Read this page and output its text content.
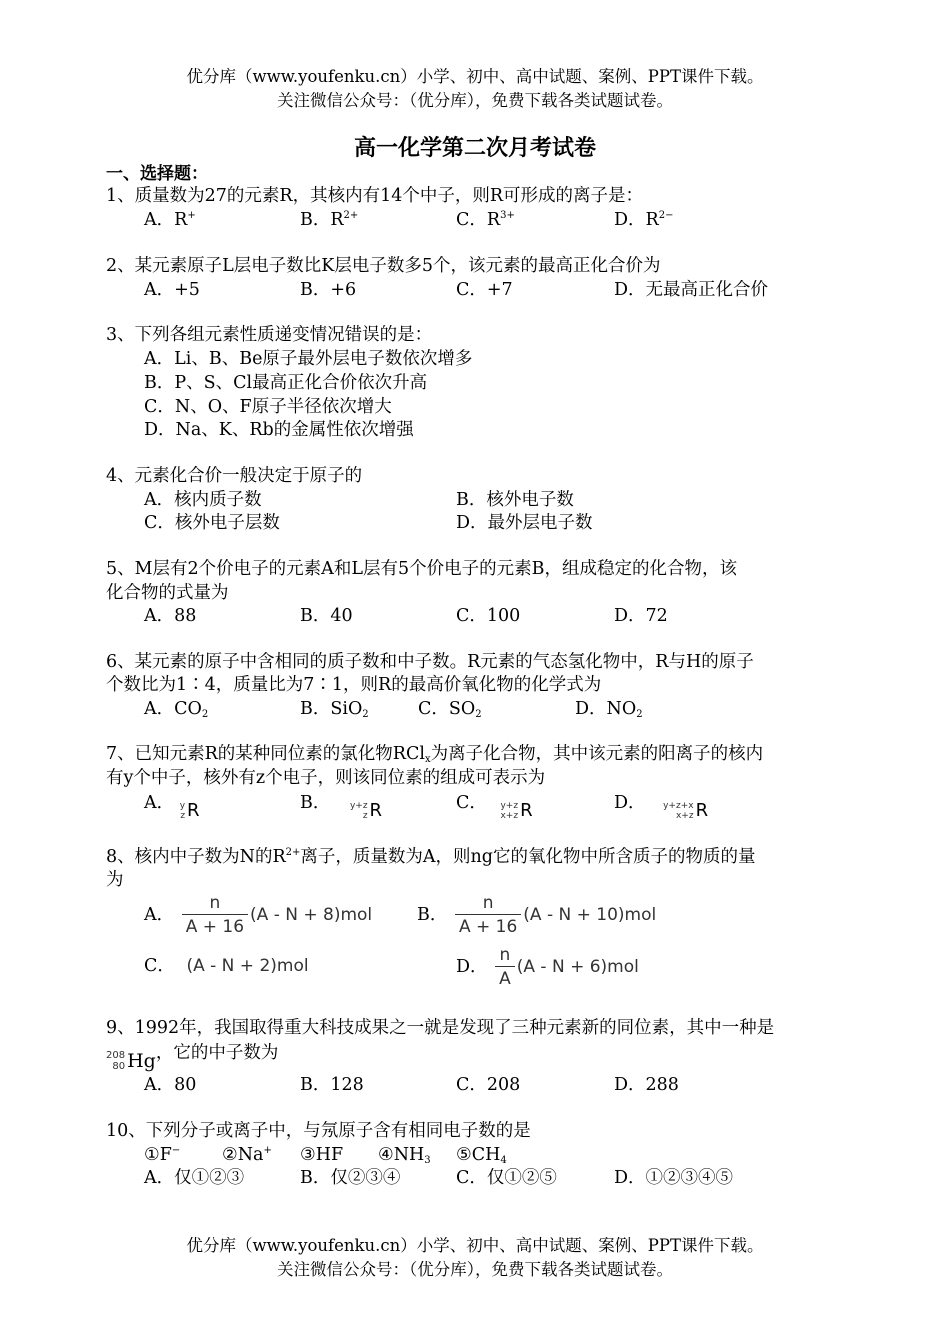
优分库（www.youfenku.cn）小学、初中、高中试题、案例、PPT课件下载。
关注微信公众号：（优分库），免费下载各类试题试卷。
高一化学第二次月考试卷
一、选择题：
1、质量数为27的元素R，其核内有14个中子，则R可形成的离子是：
A．R+	B．$R^{2+}$	C．$R^{3+}$	D．$R^{2-}$
2、某元素原子L层电子数比K层电子数多5个，该元素的最高正化合价为
A．+5	B．+6	C．+7	D．无最高正化合价
3、下列各组元素性质递变情况错误的是：
A．Li、B、Be原子最外层电子数依次增多
B．P、S、Cl最高正化合价依次升高
C．N、O、F原子半径依次增大
D．Na、K、Rb的金属性依次增强
4、元素化合价一般决定于原子的
A．核内质子数	B．核外电子数
C．核外电子层数	D．最外层电子数
5、M层有2个价电子的元素A和L层有5个价电子的元素B，组成稳定的化合物，该
化合物的式量为
A．88	B．40	C．100	D．72
6、某元素的原子中含相同的质子数和中子数。R元素的气态氢化物中，R与H的原子
个数比为1∶4，质量比为7∶1，则R的最高价氧化物的化学式为
A．$CO_2$	B．SiO$_2$	C．$SO_2$	D．$NO_2$
7、已知元素R的某种同位素的氯化物RCl$_x$为离子化合物，其中该元素的阳离子的核内
有y个中子，核外有z个电子，则该同位素的组成可表示为
A． y
z R	B． y+z
z R	C． y+z
x+z R	D． y+z+x
x+z R
8、核内中子数为N的$R^{2+}$离子，质量数为A，则ng它的氧化物中所含质子的物质的量
为
A． $\frac{n}{A + 16} (A - N + 8)mol$	B． $\frac{n}{A + 16} (A - N + 10)mol$
C． (A - N + 2)mol	D． $\frac{n}{A} (A - N + 6)mol$
9、1992年，我国取得重大科技成果之一就是发现了三种元素新的同位素，其中一种是
208
80 Hg ，它的中子数为
A．80	B．128	C．208	D．288
10、下列分子或离子中，与氖原子含有相同电子数的是
①F− ②Na+ ③HF $④NH_3$ $⑤CH_4$
A．仅①②③	B．仅②③④	C．仅①②⑤	D．①②③④⑤
优分库（www.youfenku.cn）小学、初中、高中试题、案例、PPT课件下载。
关注微信公众号：（优分库），免费下载各类试题试卷。
